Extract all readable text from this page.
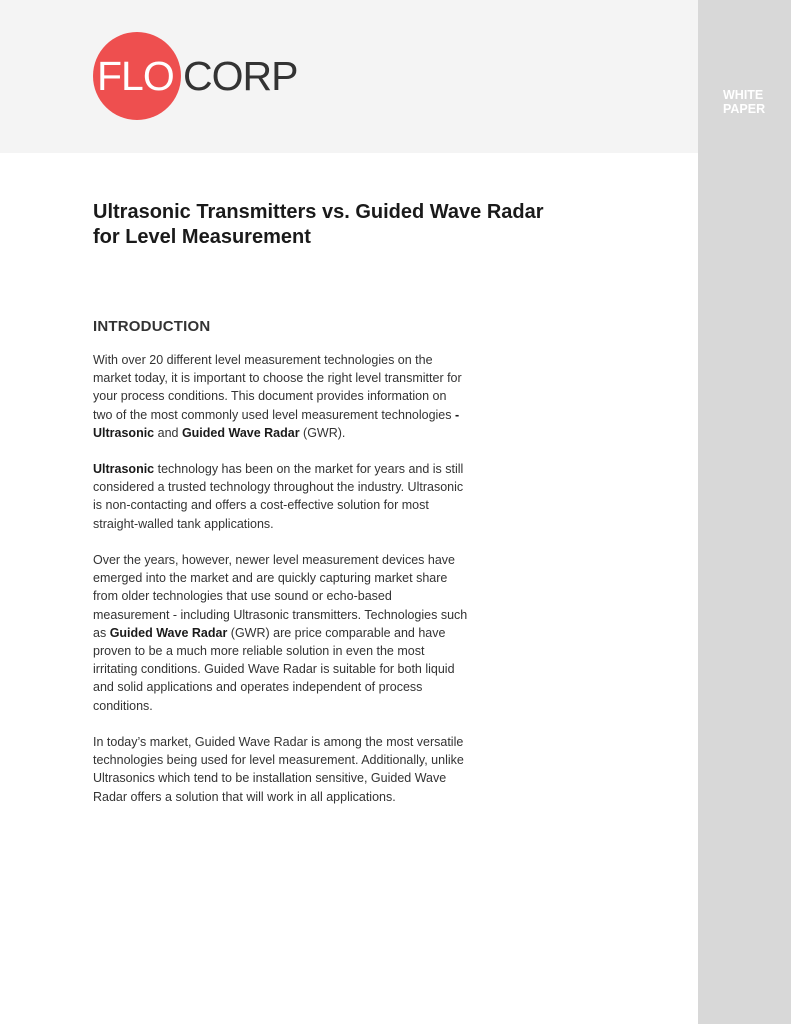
WHITE
PAPER
FLO CORP
Ultrasonic Transmitters vs. Guided Wave Radar
for Level Measurement
INTRODUCTION

With over 20 different level measurement technologies on the market today, it is important to choose the right level transmitter for your process conditions. This document provides information on two of the most commonly used level measurement technologies - Ultrasonic and Guided Wave Radar (GWR).

Ultrasonic technology has been on the market for years and is still considered a trusted technology throughout the industry. Ultrasonic is non-contacting and offers a cost-effective solution for most straight-walled tank applications.

Over the years, however, newer level measurement devices have emerged into the market and are quickly capturing market share from older technologies that use sound or echo-based measurement - including Ultrasonic transmitters. Technologies such as Guided Wave Radar (GWR) are price comparable and have proven to be a much more reliable solution in even the most irritating conditions. Guided Wave Radar is suitable for both liquid and solid applications and operates independent of process conditions.

In today’s market, Guided Wave Radar is among the most versatile technologies being used for level measurement. Additionally, unlike Ultrasonics which tend to be installation sensitive, Guided Wave Radar offers a solution that will work in all applications.
